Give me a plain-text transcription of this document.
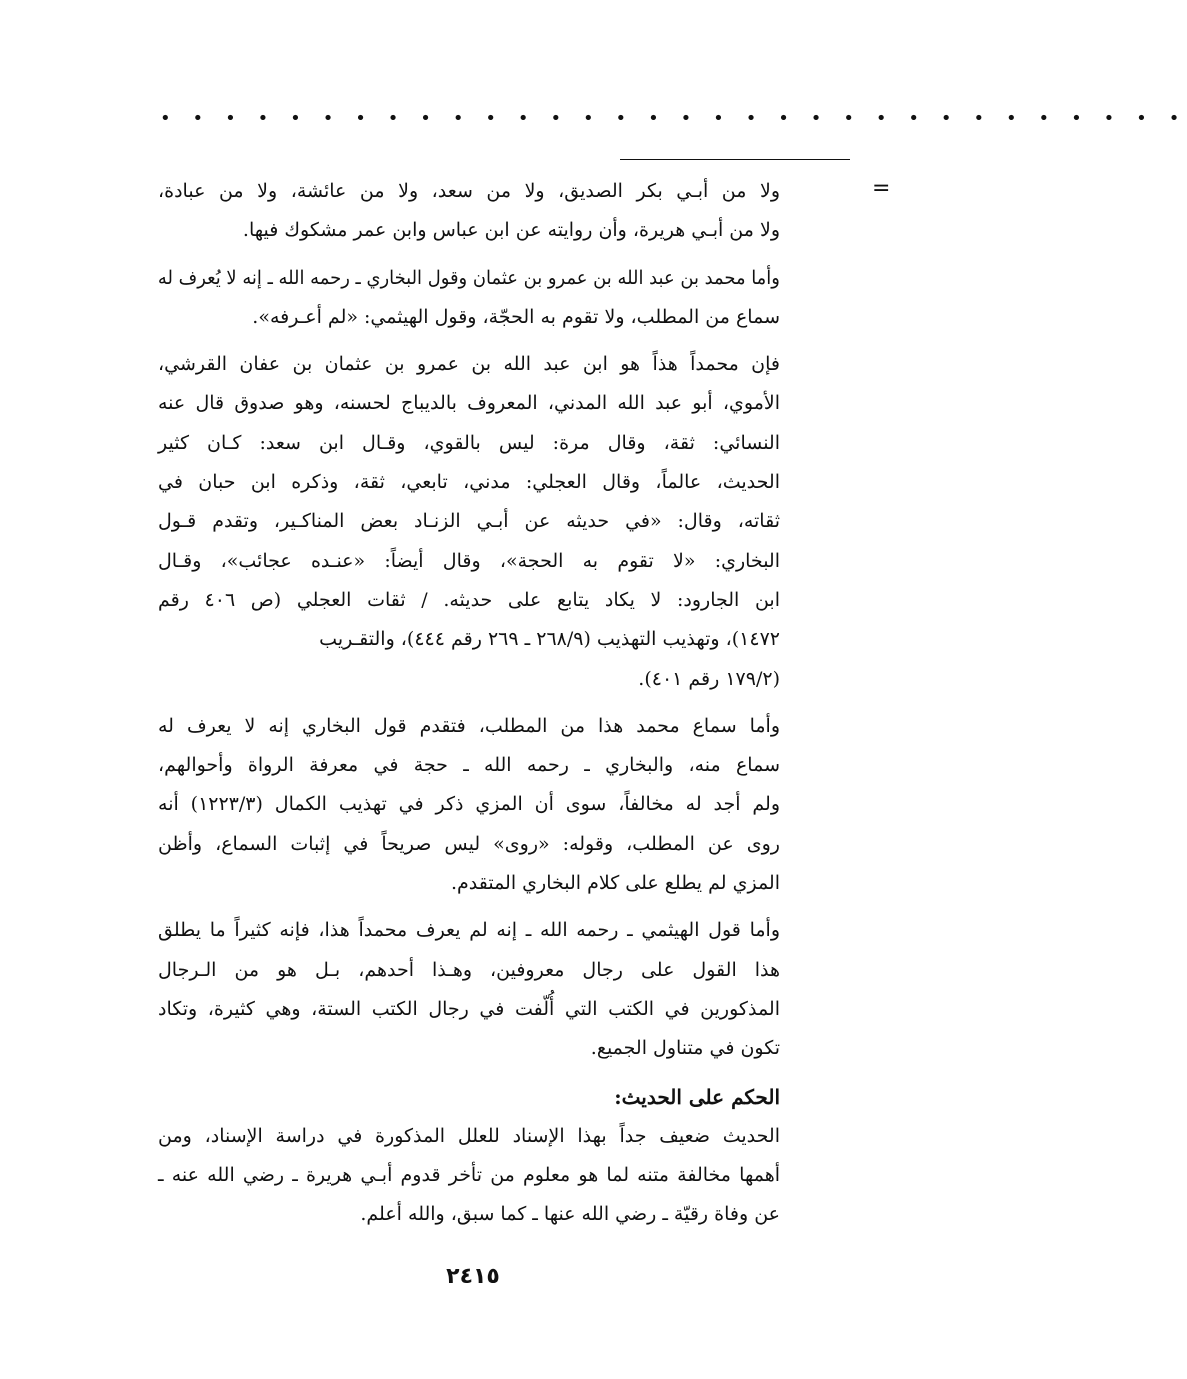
• • • • • • • • • • • • • • • • • • • • • • • • • • • • • • • •
=
ولا من أبـي بكر الصديق، ولا من سعد، ولا من عائشة، ولا من عبادة،
ولا من أبـي هريرة، وأن روايته عن ابن عباس وابن عمر مشكوك فيها.
وأما محمد بن عبد الله بن عمرو بن عثمان وقول البخاري ـ رحمه الله ـ إنه لا يُعرف له
سماع من المطلب، ولا تقوم به الحجّة، وقول الهيثمي: «لم أعـرفه».
فإن محمداً هذاً هو ابن عبد الله بن عمرو بن عثمان بن عفان القرشي،
الأموي، أبو عبد الله المدني، المعروف بالديباج لحسنه، وهو صدوق قال عنه
النسائي: ثقة، وقال مرة: ليس بالقوي، وقـال ابن سعد: كـان كثير
الحديث، عالماً، وقال العجلي: مدني، تابعي، ثقة، وذكره ابن حبان في
ثقاته، وقال: «في حديثه عن أبـي الزنـاد بعض المناكـير، وتقدم قـول
البخاري: «لا تقوم به الحجة»، وقال أيضاً: «عنـده عجائب»، وقـال
ابن الجارود: لا يكاد يتابع على حديثه. / ثقات العجلي (ص ٤٠٦ رقم
١٤٧٢)، وتهذيب التهذيب (٢٦٨/٩ ـ ٢٦٩ رقم ٤٤٤)، والتقـريب
(١٧٩/٢ رقم ٤٠١).
وأما سماع محمد هذا من المطلب، فتقدم قول البخاري إنه لا يعرف له
سماع منه، والبخاري ـ رحمه الله ـ حجة في معرفة الرواة وأحوالهم،
ولم أجد له مخالفاً، سوى أن المزي ذكر في تهذيب الكمال (١٢٢٣/٣) أنه
روى عن المطلب، وقوله: «روى» ليس صريحاً في إثبات السماع، وأظن
المزي لم يطلع على كلام البخاري المتقدم.
وأما قول الهيثمي ـ رحمه الله ـ إنه لم يعرف محمداً هذا، فإنه كثيراً ما يطلق
هذا القول على رجال معروفين، وهـذا أحدهم، بـل هو من الـرجال
المذكورين في الكتب التي أُلّفت في رجال الكتب الستة، وهي كثيرة، وتكاد
تكون في متناول الجميع.
الحكم على الحديث:
الحديث ضعيف جداً بهذا الإسناد للعلل المذكورة في دراسة الإسناد، ومن
أهمها مخالفة متنه لما هو معلوم من تأخر قدوم أبـي هريرة ـ رضي الله عنه ـ
عن وفاة رقيّة ـ رضي الله عنها ـ كما سبق، والله أعلم.
٢٤١٥
